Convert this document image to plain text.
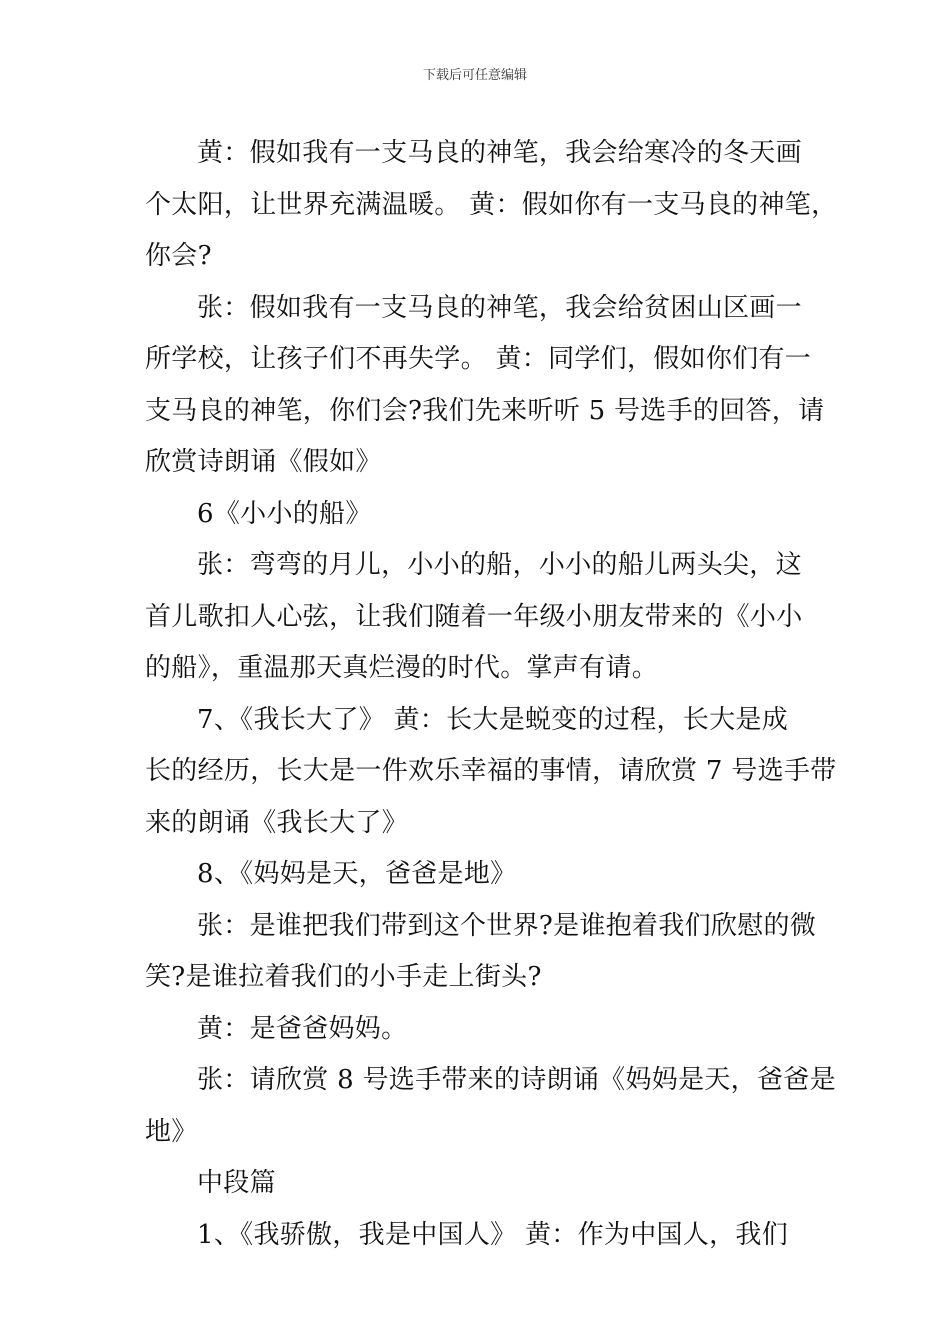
下载后可任意编辑
黄：假如我有一支马良的神笔，我会给寒冷的冬天画
个太阳，让世界充满温暖。 黄：假如你有一支马良的神笔，
你会?
张：假如我有一支马良的神笔，我会给贫困山区画一
所学校，让孩子们不再失学。 黄：同学们，假如你们有一
支马良的神笔，你们会?我们先来听听 5 号选手的回答，请
欣赏诗朗诵《假如》
6《小小的船》
张：弯弯的月儿，小小的船，小小的船儿两头尖，这
首儿歌扣人心弦，让我们随着一年级小朋友带来的《小小
的船》，重温那天真烂漫的时代。掌声有请。
7、《我长大了》 黄：长大是蜕变的过程，长大是成
长的经历，长大是一件欢乐幸福的事情，请欣赏 7 号选手带
来的朗诵《我长大了》
8、《妈妈是天，爸爸是地》
张：是谁把我们带到这个世界?是谁抱着我们欣慰的微
笑?是谁拉着我们的小手走上街头?
黄：是爸爸妈妈。
张：请欣赏 8 号选手带来的诗朗诵《妈妈是天，爸爸是
地》
中段篇
1、《我骄傲，我是中国人》 黄：作为中国人，我们
